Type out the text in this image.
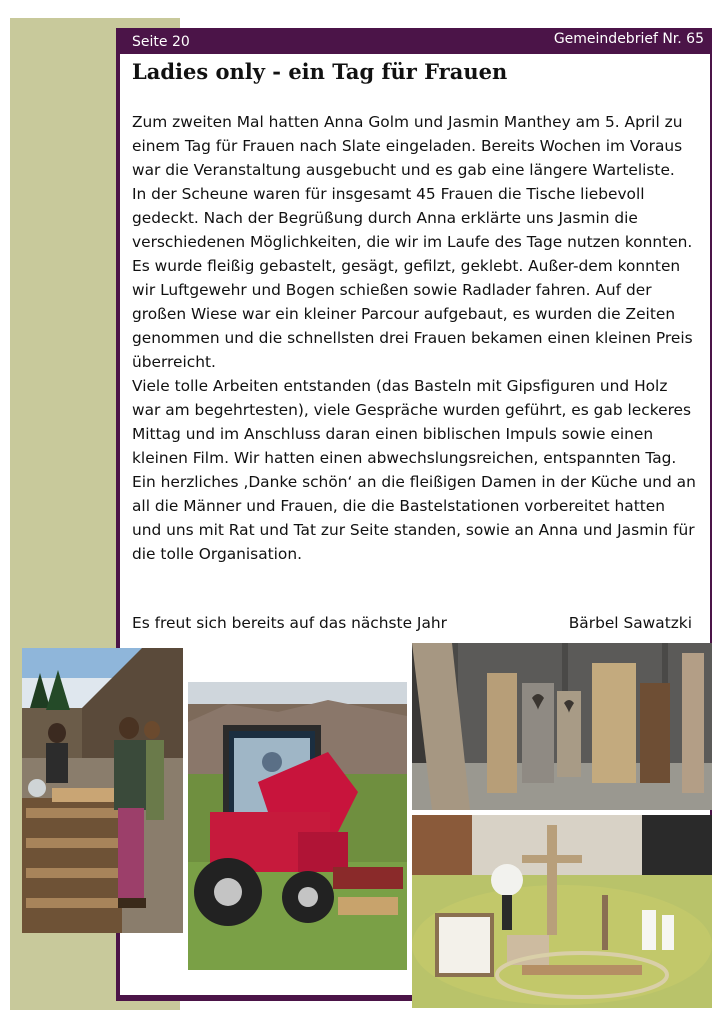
Seite 20	Gemeindebrief Nr. 65
Ladies only - ein Tag für Frauen

Zum zweiten Mal hatten Anna Golm und Jasmin Manthey am 5. April zu einem Tag für Frauen nach Slate eingeladen. Bereits Wochen im Voraus war die Veranstaltung ausgebucht und es gab eine längere Warteliste.

In der Scheune waren für insgesamt 45 Frauen die Tische liebevoll gedeckt. Nach der Begrüßung durch Anna erklärte uns Jasmin die verschiedenen Möglichkeiten, die wir im Laufe des Tage nutzen konnten. Es wurde fleißig gebastelt, gesägt, gefilzt, geklebt. Außer-dem konnten wir Luftgewehr und Bogen schießen sowie Radlader fahren. Auf der großen Wiese war ein kleiner Parcour aufgebaut, es wurden die Zeiten genommen und die schnellsten drei Frauen bekamen einen kleinen Preis überreicht.

Viele tolle Arbeiten entstanden (das Basteln mit Gipsfiguren und Holz war am begehrtesten), viele Gespräche wurden geführt, es gab leckeres Mittag und im Anschluss daran einen biblischen Impuls sowie einen kleinen Film. Wir hatten einen abwechslungsreichen, entspannten Tag. Ein herzliches ‚Danke schön‘ an die fleißigen Damen in der Küche und an all die Männer und Frauen, die die Bastelstationen vorbereitet hatten und uns mit Rat und Tat zur Seite standen, sowie an Anna und Jasmin für die tolle Organisation.

Es freut sich bereits auf das nächste Jahr	Bärbel Sawatzki
